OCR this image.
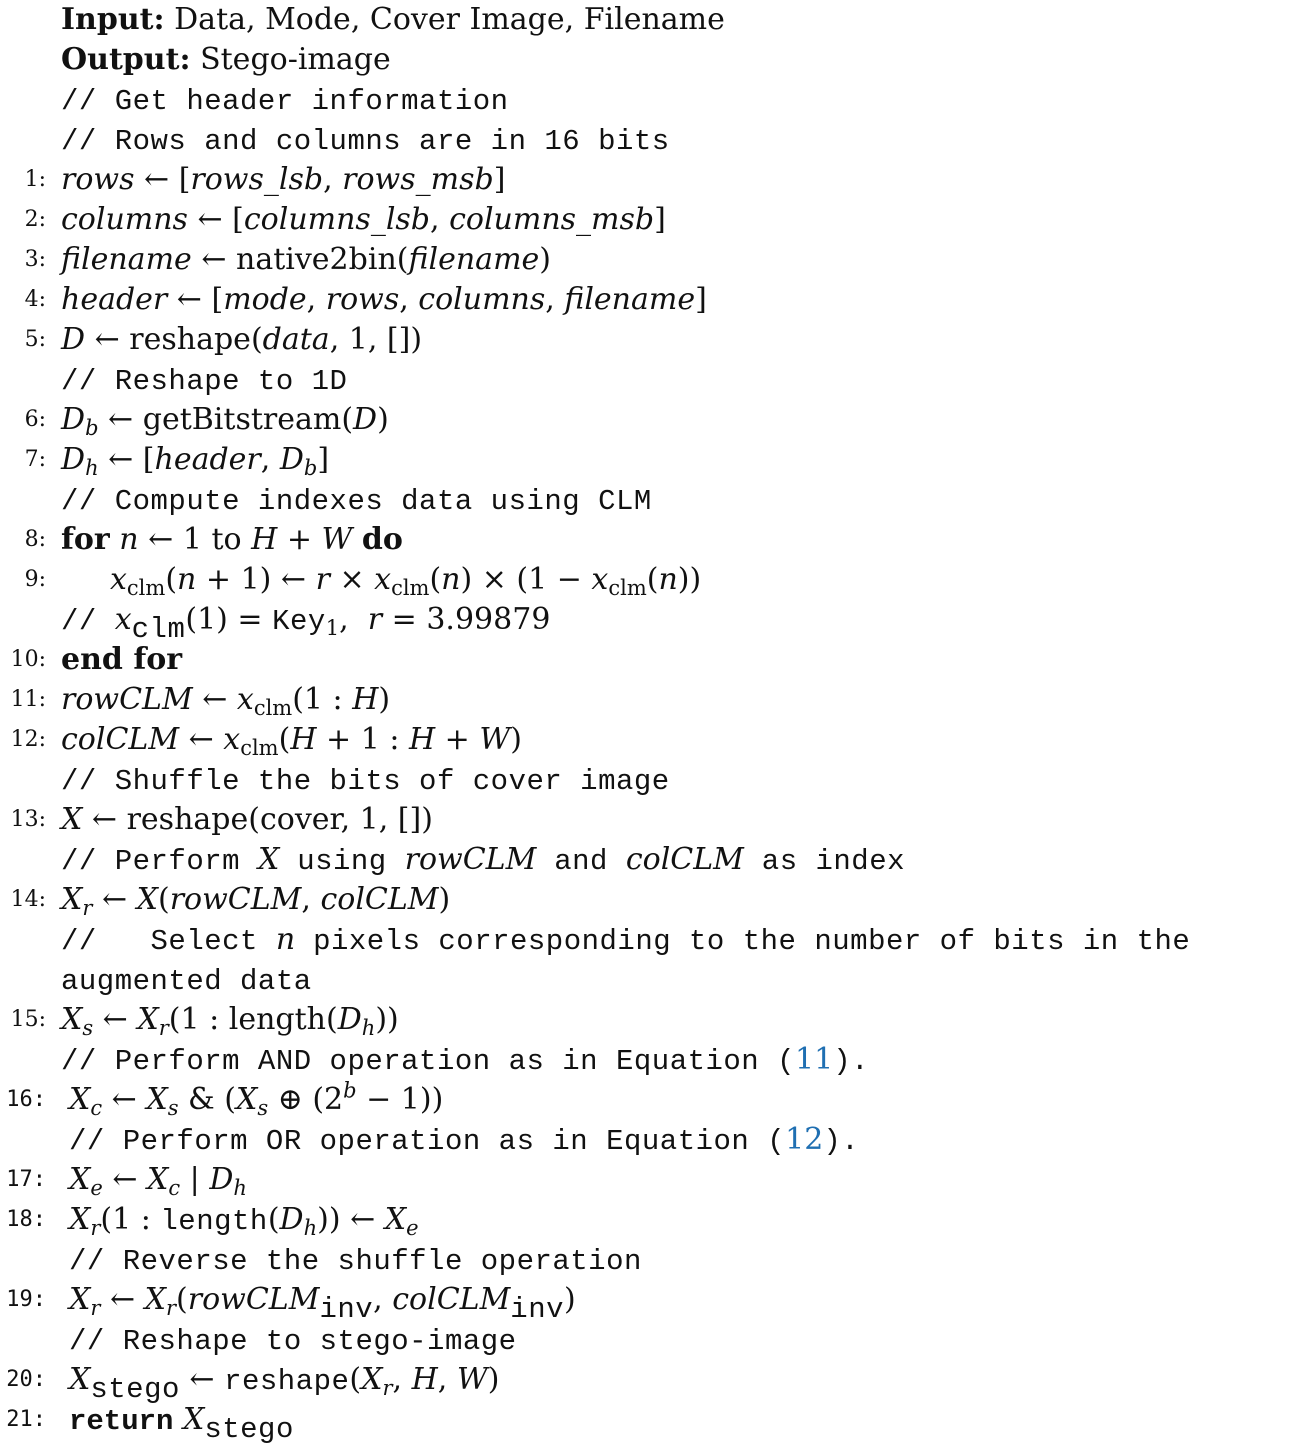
Input: Data, Mode, Cover Image, Filename
Output: Stego-image
// Get header information
// Rows and columns are in 16 bits
1: rows ← [rows_lsb, rows_msb]
2: columns ← [columns_lsb, columns_msb]
3: filename ← native2bin(filename)
4: header ← [mode, rows, columns, filename]
5: D ← reshape(data, 1, [])
// Reshape to 1D
6: $D_b$ ← getBitstream(D)
7: $D_h$ ← [header, $D_b$]
// Compute indexes data using CLM
8: for n ← 1 to H + W do
9: $x_{clm}(n + 1)$ ← $r \times x_{clm}(n) \times (1 - x_{clm}(n))$
// $x_{clm}(1) = Key_1$,  r = 3.99879
10: end for
11: rowCLM ← $x_{clm}(1$ : H)
12: colCLM ← $x_{clm}(H + 1$ : H + W)
// Shuffle the bits of cover image
13: X ← reshape(cover, 1, [])
// Perform X using rowCLM and colCLM as index
14: $X_r$ ← X(rowCLM, colCLM)
//   Select n pixels corresponding to the number of bits in the
augmented data
15: $X_s$ ← $X_r(1$ : $length(D_h)$)
// Perform AND operation as in Equation (11).
16: $X_c$ ← $X_s$ & ($X_s$ ⊕ $(2^b - 1)$)
// Perform OR operation as in Equation (12).
17: $X_e$ ← $X_c$ | $D_h$
18: $X_r(1$ : $length(D_h)$) ← $X_e$
// Reverse the shuffle operation
19: $X_r$ ← $X_r(rowCLM_{inv}$, colCLM$_{inv}$)
// Reshape to stego-image
20: $X_{stego}$ ← $reshape(X_r$, H, W)
21: return $X_{stego}$
